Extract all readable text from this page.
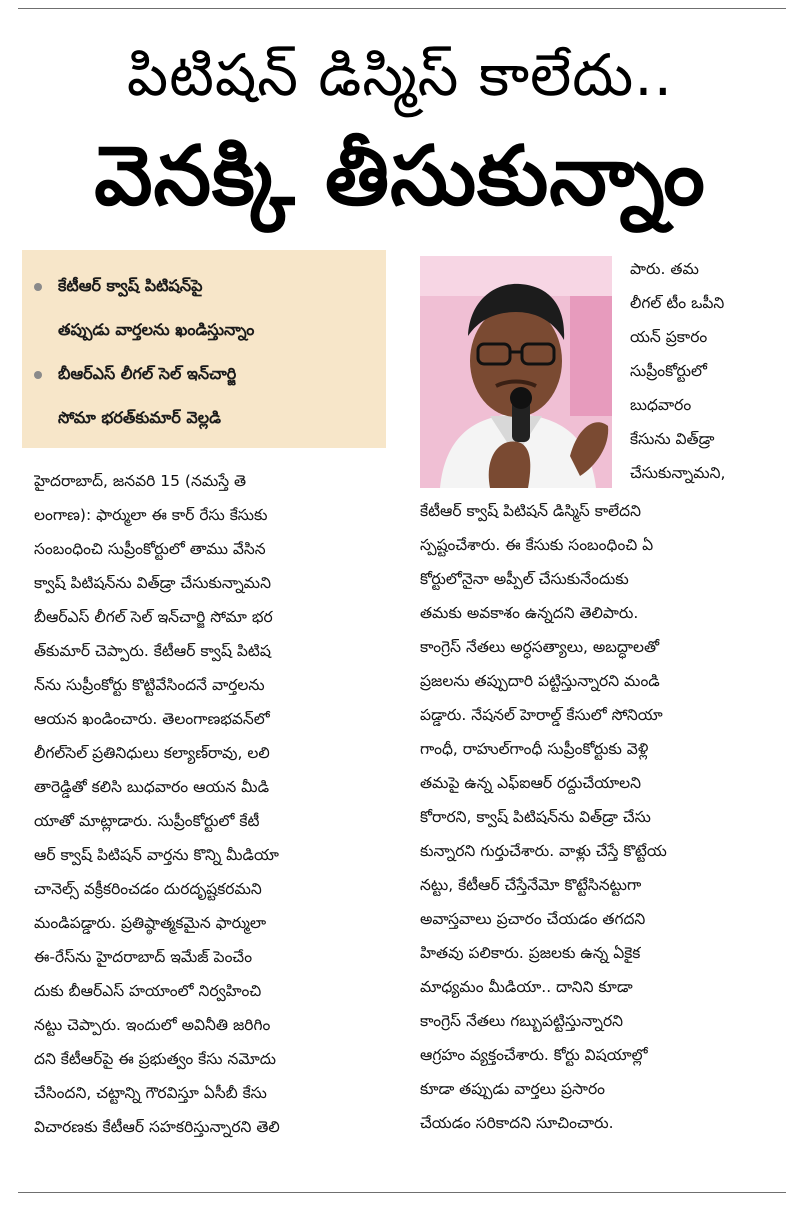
పిటిషన్ డిస్మిస్ కాలేదు..
వెనక్కి తీసుకున్నాం
కేటీఆర్ క్వాష్ పిటిషన్‌పై
తప్పుడు వార్తలను ఖండిస్తున్నాం
బీఆర్‌ఎస్ లీగల్ సెల్ ఇన్‌చార్జి
సోమా భరత్‌కుమార్ వెల్లడి
హైదరాబాద్, జనవరి 15 (నమస్తే తె
లంగాణ): ఫార్ములా ఈ కార్ రేసు కేసుకు
సంబంధించి సుప్రీంకోర్టులో తాము వేసిన
క్వాష్ పిటిషన్‌ను విత్‌డ్రా చేసుకున్నామని
బీఆర్‌ఎస్ లీగల్ సెల్ ఇన్‌చార్జి సోమా భర
త్‌కుమార్ చెప్పారు. కేటీఆర్ క్వాష్ పిటిష
న్‌ను సుప్రీంకోర్టు కొట్టివేసిందనే వార్తలను
ఆయన ఖండించారు. తెలంగాణభవన్‌లో
లీగల్‌సెల్ ప్రతినిధులు కల్యాణ్‌రావు, లలి
తారెడ్డితో కలిసి బుధవారం ఆయన మీడి
యాతో మాట్లాడారు. సుప్రీంకోర్టులో కేటీ
ఆర్ క్వాష్ పిటిషన్ వార్తను కొన్ని మీడియా
చానెల్స్ వక్రీకరించడం దురదృష్టకరమని
మండిపడ్డారు. ప్రతిష్ఠాత్మకమైన ఫార్ములా
ఈ-రేస్‌ను హైదరాబాద్ ఇమేజ్ పెంచేం
దుకు బీఆర్‌ఎస్ హయాంలో నిర్వహించి
నట్టు చెప్పారు. ఇందులో అవినీతి జరిగిం
దని కేటీఆర్‌పై ఈ ప్రభుత్వం కేసు నమోదు
చేసిందని, చట్టాన్ని గౌరవిస్తూ ఏసీబీ కేసు
విచారణకు కేటీఆర్ సహకరిస్తున్నారని తెలి
పారు. తమ
లీగల్ టీం ఒపీని
యన్ ప్రకారం
సుప్రీంకోర్టులో
బుధవారం
కేసును విత్‌డ్రా
చేసుకున్నామని,
కేటీఆర్ క్వాష్ పిటిషన్ డిస్మిస్ కాలేదని
స్పష్టంచేశారు. ఈ కేసుకు సంబంధించి ఏ
కోర్టులోనైనా అప్పీల్ చేసుకునేందుకు
తమకు అవకాశం ఉన్నదని తెలిపారు.
కాంగ్రెస్ నేతలు అర్ధసత్యాలు, అబద్ధాలతో
ప్రజలను తప్పుదారి పట్టిస్తున్నారని మండి
పడ్డారు. నేషనల్ హెరాల్డ్ కేసులో సోనియా
గాంధీ, రాహుల్‌గాంధీ సుప్రీంకోర్టుకు వెళ్లి
తమపై ఉన్న ఎఫ్‌ఐఆర్ రద్దుచేయాలని
కోరారని, క్వాష్ పిటిషన్‌ను విత్‌డ్రా చేసు
కున్నారని గుర్తుచేశారు. వాళ్లు చేస్తే కొట్టేయ
నట్టు, కేటీఆర్ చేస్తేనేమో కొట్టేసినట్టుగా
అవాస్తవాలు ప్రచారం చేయడం తగదని
హితవు పలికారు. ప్రజలకు ఉన్న ఏకైక
మాధ్యమం మీడియా.. దానిని కూడా
కాంగ్రెస్ నేతలు గబ్బుపట్టిస్తున్నారని
ఆగ్రహం వ్యక్తంచేశారు. కోర్టు విషయాల్లో
కూడా తప్పుడు వార్తలు ప్రసారం
చేయడం సరికాదని సూచించారు.
